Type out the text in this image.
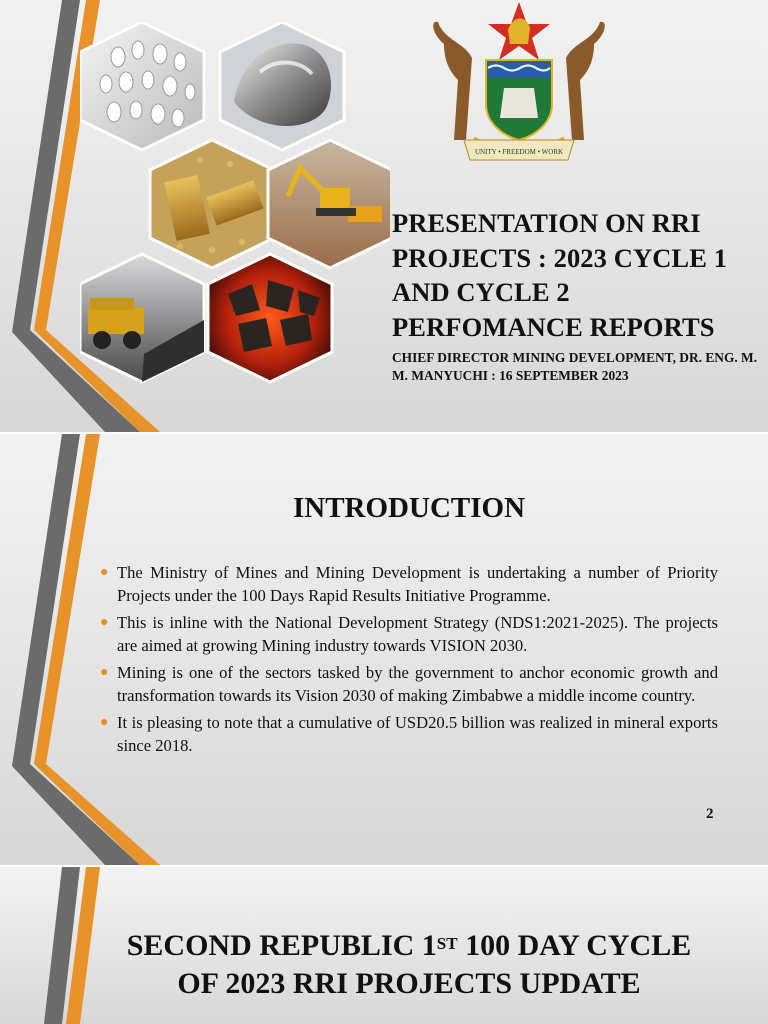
UNITY • FREEDOM • WORK
PRESENTATION ON RRI PROJECTS : 2023 CYCLE 1 AND CYCLE 2 PERFOMANCE REPORTS

CHIEF DIRECTOR MINING DEVELOPMENT, DR. ENG. M. M. MANYUCHI : 16 SEPTEMBER 2023

INTRODUCTION
● The Ministry of Mines and Mining Development is undertaking a number of Priority Projects under the 100 Days Rapid Results Initiative Programme.
● This is inline with the National Development Strategy (NDS1:2021-2025). The projects are aimed at growing Mining industry towards VISION 2030.
● Mining is one of the sectors tasked by the government to anchor economic growth and transformation towards its Vision 2030 of making Zimbabwe a middle income country.
● It is pleasing to note that a cumulative of USD20.5 billion was realized in mineral exports since 2018.
2
SECOND REPUBLIC 1ST 100 DAY CYCLE
OF 2023 RRI PROJECTS UPDATE
